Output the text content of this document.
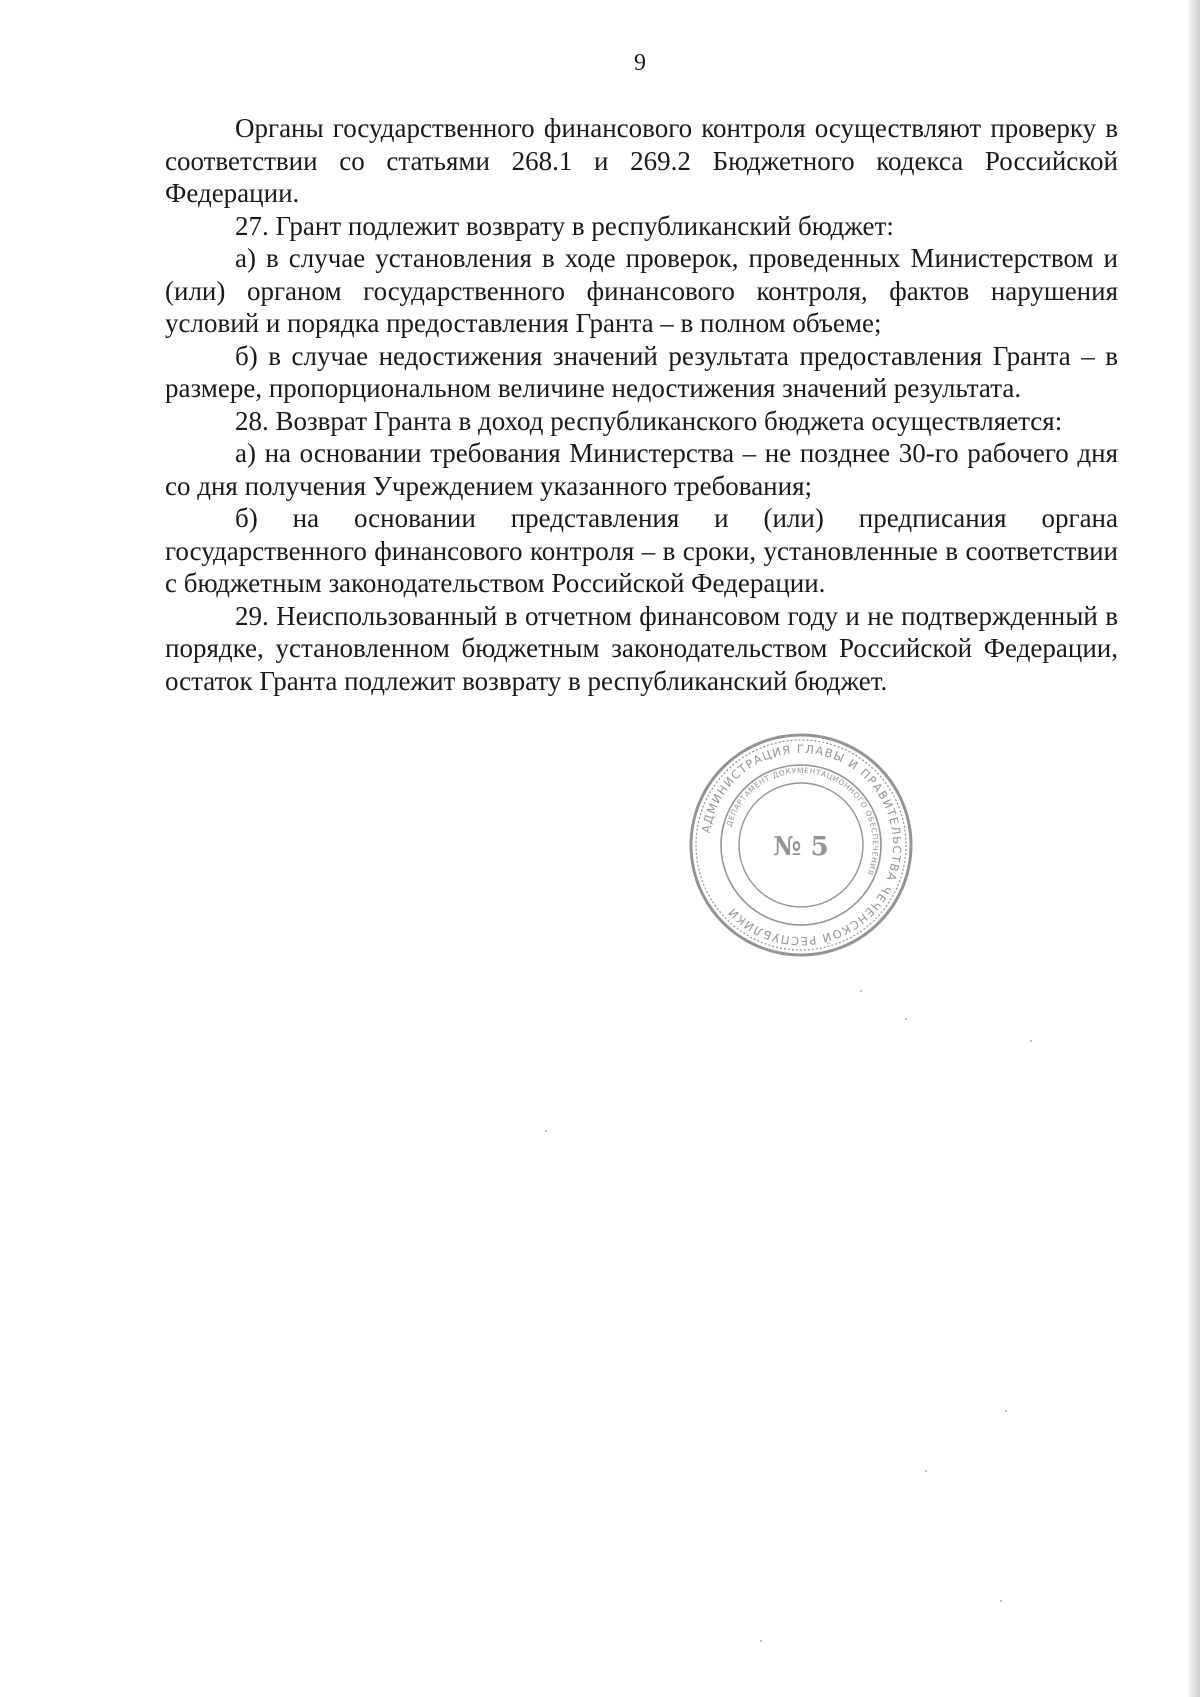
9

Органы государственного финансового контроля осуществляют проверку в соответствии со статьями 268.1 и 269.2 Бюджетного кодекса Российской Федерации.

27. Грант подлежит возврату в республиканский бюджет:

а) в случае установления в ходе проверок, проведенных Министерством и (или) органом государственного финансового контроля, фактов нарушения условий и порядка предоставления Гранта – в полном объеме;

б) в случае недостижения значений результата предоставления Гранта – в размере, пропорциональном величине недостижения значений результата.

28. Возврат Гранта в доход республиканского бюджета осуществляется:

а) на основании требования Министерства – не позднее 30-го рабочего дня со дня получения Учреждением указанного требования;

б) на основании представления и (или) предписания органа государственного финансового контроля – в сроки, установленные в соответствии с бюджетным законодательством Российской Федерации.

29. Неиспользованный в отчетном финансовом году и не подтвержденный в порядке, установленном бюджетным законодательством Российской Федерации, остаток Гранта подлежит возврату в республиканский бюджет.

АДМИНИСТРАЦИЯ ГЛАВЫ И ПРАВИТЕЛЬСТВА ЧЕЧЕНСКОЙ РЕСПУБЛИКИ
ДЕПАРТАМЕНТ ДОКУМЕНТАЦИОННОГО ОБЕСПЕЧЕНИЯ
№ 5
